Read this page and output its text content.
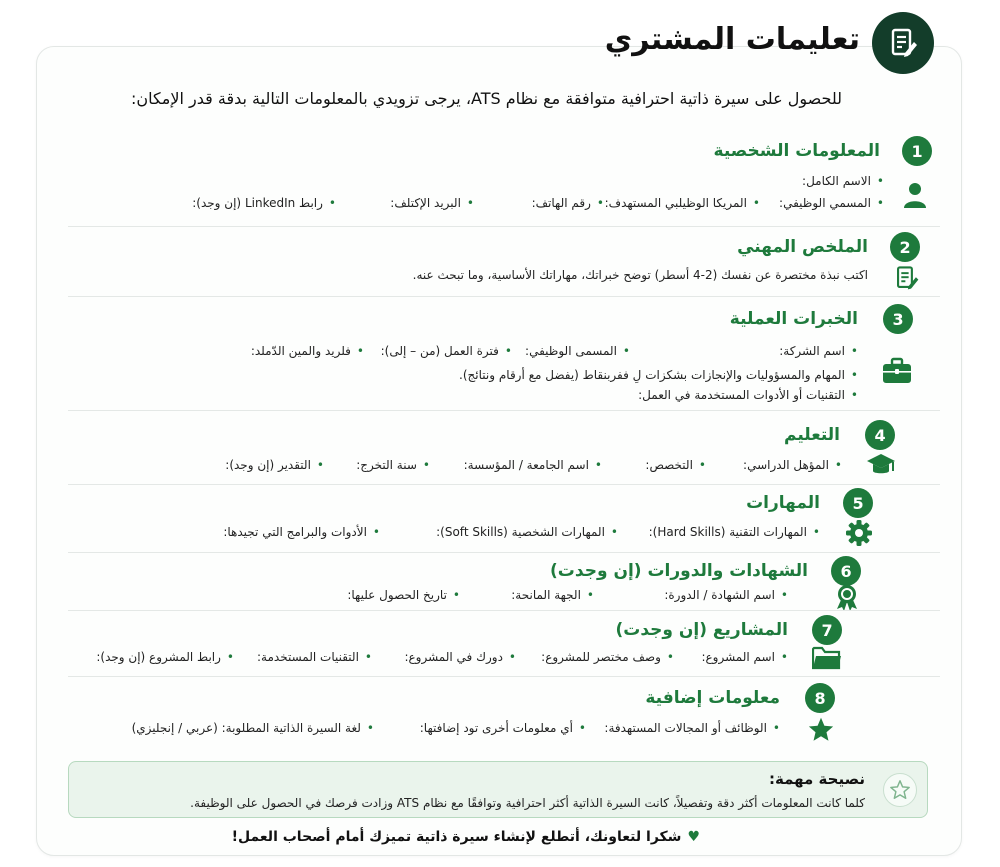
تعليمات المشتري
للحصول على سيرة ذاتية احترافية متوافقة مع نظام ATS، يرجى تزويدي بالمعلومات التالية بدقة قدر الإمكان:
1
المعلومات الشخصية
• الاسم الكامل:
• المسمي الوظيفي:
• المريكا الوظيلبي المستهدف:
• رقم الهاتف:
• البريد الإكتلف:
• رابط LinkedIn (إن وجد):
2
الملخص المهني
اكتب نبذة مختصرة عن نفسك (2-4 أسطر) توضح خبراتك، مهاراتك الأساسية، وما تبحث عنه.
3
الخبرات العملية
• اسم الشركة:
• المسمى الوظيفي:
• فترة العمل (من – إلى):
• فلريد والمين الدّملد:
• المهام والمسؤوليات والإنجازات بشكزات لِ ففربنقاط (يفضل مع أرقام ونتائج).
• التقنيات أو الأدوات المستخدمة في العمل:
4
التعليم
• المؤهل الدراسي:
• التخصص:
• اسم الجامعة / المؤسسة:
• سنة التخرج:
• التقدير (إن وجد):
5
المهارات
• المهارات التقنية (Hard Skills):
• المهارات الشخصية (Soft Skills):
• الأدوات والبرامج التي تجيدها:
6
الشهادات والدورات (إن وجدت)
• اسم الشهادة / الدورة:
• الجهة المانحة:
• تاريخ الحصول عليها:
7
المشاريع (إن وجدت)
• اسم المشروع:
• وصف مختصر للمشروع:
• دورك في المشروع:
• التقنيات المستخدمة:
• رابط المشروع (إن وجد):
8
معلومات إضافية
• الوظائف أو المجالات المستهدفة:
• أي معلومات أخرى تود إضافتها:
• لغة السيرة الذاتية المطلوبة: (عربي / إنجليزي)
نصيحة مهمة:
كلما كانت المعلومات أكثر دقة وتفصيلاً، كانت السيرة الذاتية أكثر احترافية وتوافقًا مع نظام ATS وزادت فرصك في الحصول على الوظيفة.
♥شكرا لتعاونك، أتطلع لإنشاء سيرة ذاتية تميزك أمام أصحاب العمل!
